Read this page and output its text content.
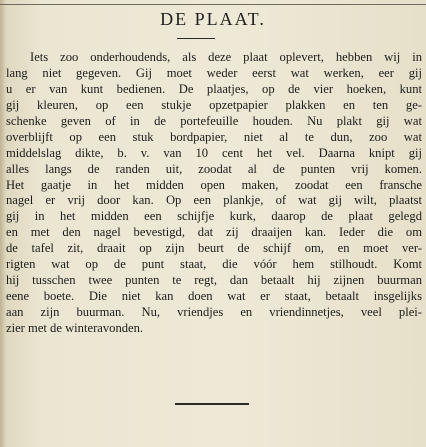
DE PLAAT.
Iets zoo onderhoudends, als deze plaat oplevert, hebben wij in
lang niet gegeven. Gij moet weder eerst wat werken, eer gij
u er van kunt bedienen. De plaatjes, op de vier hoeken, kunt
gij kleuren, op een stukje opzetpapier plakken en ten ge-
schenke geven of in de portefeuille houden. Nu plakt gij wat
overblijft op een stuk bordpapier, niet al te dun, zoo wat
middelslag dikte, b. v. van 10 cent het vel. Daarna knipt gij
alles langs de randen uit, zoodat al de punten vrij komen.
Het gaatje in het midden open maken, zoodat een fransche
nagel er vrij door kan. Op een plankje, of wat gij wilt, plaatst
gij in het midden een schijfje kurk, daarop de plaat gelegd
en met den nagel bevestigd, dat zij draaijen kan. Ieder die om
de tafel zit, draait op zijn beurt de schijf om, en moet ver-
rigten wat op de punt staat, die vóór hem stilhoudt. Komt
hij tusschen twee punten te regt, dan betaalt hij zijnen buurman
eene boete. Die niet kan doen wat er staat, betaalt insgelijks
aan zijn buurman. Nu, vriendjes en vriendinnetjes, veel plei-
zier met de winteravonden.
